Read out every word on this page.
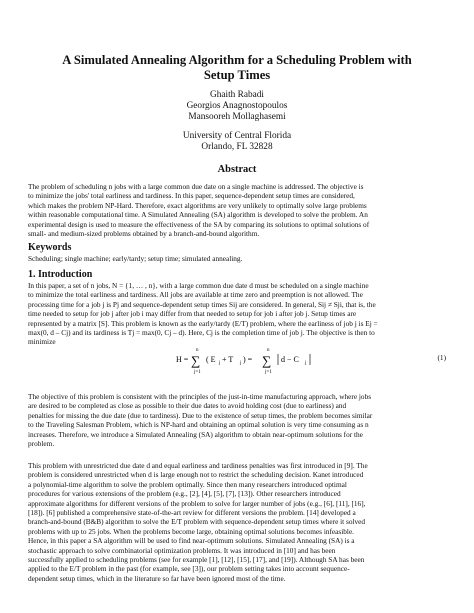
A Simulated Annealing Algorithm for a Scheduling Problem with
Setup Times
Ghaith Rabadi
Georgios Anagnostopoulos
Mansooreh Mollaghasemi
University of Central Florida
Orlando, FL 32828
Abstract
The problem of scheduling n jobs with a large common due date on a single machine is addressed. The objective is
to minimize the jobs' total earliness and tardiness. In this paper, sequence-dependent setup times are considered,
which makes the problem NP-Hard. Therefore, exact algorithms are very unlikely to optimally solve large problems
within reasonable computational time. A Simulated Annealing (SA) algorithm is developed to solve the problem. An
experimental design is used to measure the effectiveness of the SA by comparing its solutions to optimal solutions of
small- and medium-sized problems obtained by a branch-and-bound algorithm.
Keywords
Scheduling; single machine; early/tardy; setup time; simulated annealing.
1. Introduction
In this paper, a set of n jobs, N = {1, … , n}, with a large common due date d must be scheduled on a single machine
to minimize the total earliness and tardiness. All jobs are available at time zero and preemption is not allowed. The
processing time for a job j is Pj and sequence-dependent setup times Sij are considered. In general, Sij ≠ Sji, that is, the
time needed to setup for job j after job i may differ from that needed to setup for job i after job j. Setup times are
represented by a matrix [S]. This problem is known as the early/tardy (E/T) problem, where the earliness of job j is Ej =
max(0, d – Cj) and its tardiness is Tj = max(0, Cj – d). Here, Cj is the completion time of job j. The objective is then to
minimize
H =
n
∑
j=1
( E j + T j ) =
n
∑
j=1
d − C j
(1)
The objective of this problem is consistent with the principles of the just-in-time manufacturing approach, where jobs
are desired to be completed as close as possible to their due dates to avoid holding cost (due to earliness) and
penalties for missing the due date (due to tardiness). Due to the existence of setup times, the problem becomes similar
to the Traveling Salesman Problem, which is NP-hard and obtaining an optimal solution is very time consuming as n
increases. Therefore, we introduce a Simulated Annealing (SA) algorithm to obtain near-optimum solutions for the
problem.
This problem with unrestricted due date d and equal earliness and tardiness penalties was first introduced in [9]. The
problem is considered unrestricted when d is large enough not to restrict the scheduling decision. Kanet introduced
a polynomial-time algorithm to solve the problem optimally. Since then many researchers introduced optimal
procedures for various extensions of the problem (e.g., [2], [4], [5], [7], [13]). Other researchers introduced
approximate algorithms for different versions of the problem to solve for larger number of jobs (e.g., [6], [11], [16],
[18]). [6] published a comprehensive state-of-the-art review for different versions the problem. [14] developed a
branch-and-bound (B&B) algorithm to solve the E/T problem with sequence-dependent setup times where it solved
problems with up to 25 jobs. When the problems become large, obtaining optimal solutions becomes infeasible.
Hence, in this paper a SA algorithm will be used to find near-optimum solutions. Simulated Annealing (SA) is a
stochastic approach to solve combinatorial optimization problems. It was introduced in [10] and has been
successfully applied to scheduling problems (see for example [1], [12], [15], [17], and [19]). Although SA has been
applied to the E/T problem in the past (for example, see [3]), our problem setting takes into account sequence-
dependent setup times, which in the literature so far have been ignored most of the time.
